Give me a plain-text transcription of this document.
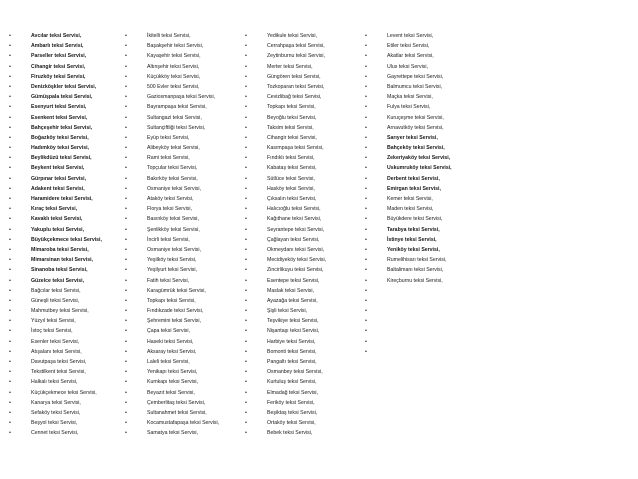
•	Avcılar teksi Servisi,
•	Ambarlı teksi Servisi,
•	Parseller teksi Servisi,
•	Cihangir teksi Servisi,
•	Firuzköy teksi Servisi,
•	Denizköşkler teksi Servisi,
•	Gümüşpala teksi Servisi,
•	Esenyurt teksi Servisi,
•	Esenkent teksi Servisi,
•	Bahçeşehir teksi Servisi,
•	Boğazköy teksi Servisi,
•	Hadımköy teksi Servisi,
•	Beylikdüzü teksi Servisi,
•	Beykent teksi Servisi,
•	Gürpınar teksi Servisi,
•	Adakent teksi Servisi,
•	Haramidere teksi Servisi,
•	Kıraç teksi Servisi,
•	Kavaklı teksi Servisi,
•	Yakuplu teksi Servisi,
•	Büyükçekmece teksi Servisi,
•	Mimaroba teksi Servisi,
•	Mimarsinan teksi Servisi,
•	Sinanoba teksi Servisi,
•	Güzelce teksi Servisi,
•	Bağcılar teksi Servisi,
•	Güneşli teksi Servisi,
•	Mahmutbey teksi Servisi,
•	Yüzyıl teksi Servisi,
•	İstoç teksi Servisi,
•	Esenler teksi Servisi,
•	Atışalanı teksi Servisi,
•	Davutpaşa teksi Servisi,
•	Tekstilkent teksi Servisi,
•	Halkalı teksi Servisi,
•	Küçükçekmece teksi Servisi,
•	Kanarya teksi Servisi,
•	Sefaköy teksi Servisi,
•	Beşyol teksi Servisi,
•	Cennet teksi Servisi,
•	İkitelli teksi Servisi,
•	Başakşehir teksi Servisi,
•	Kayaşehir teksi Servisi,
•	Altınşehir teksi Servisi,
•	Küçükköy teksi Servisi,
•	500 Evler teksi Servisi,
•	Gaziosmanpaşa teksi Servisi,
•	Bayrampaşa teksi Servisi,
•	Sultangazi teksi Servisi,
•	Sultançiftliği teksi Servisi,
•	Eyüp teksi Servisi,
•	Alibeyköy teksi Servisi,
•	Rami teksi Servisi,
•	Topçular teksi Servisi,
•	Bakırköy teksi Servisi,
•	Osmaniye teksi Servisi,
•	Ataköy teksi Servisi,
•	Florya teksi Servisi,
•	Basınköy teksi Servisi,
•	Şenlikköy teksi Servisi,
•	İncirli teksi Servisi,
•	Osmaniye teksi Servisi,
•	Yeşilköy teksi Servisi,
•	Yeşilyurt teksi Servisi,
•	Fatih teksi Servisi,
•	Karagümrük teksi Servisi,
•	Topkapı teksi Servisi,
•	Fındıkzade teksi Servisi,
•	Şehremini teksi Servisi,
•	Çapa teksi Servisi,
•	Haseki teksi Servisi,
•	Aksaray teksi Servisi,
•	Laleli teksi Servisi,
•	Yenikapı teksi Servisi,
•	Kumkapı teksi Servisi,
•	Beyazıt teksi Servisi,
•	Çemberlitaş teksi Servisi,
•	Sultanahmet teksi Servisi,
•	Kocamustafapaşa teksi Servisi,
•	Samatya teksi Servisi,
•	Yedikule teksi Servisi,
•	Cerrahpaşa teksi Servisi,
•	Zeytinburnu teksi Servisi,
•	Merter teksi Servisi,
•	Güngören teksi Servisi,
•	Tozkoparan teksi Servisi,
•	Cevizlibağ teksi Servisi,
•	Topkapı teksi Servisi,
•	Beyoğlu teksi Servisi,
•	Taksim teksi Servisi,
•	Cihangir teksi Servisi,
•	Kasımpaşa teksi Servisi,
•	Fındıklı teksi Servisi,
•	Kabataş teksi Servisi,
•	Sütlüce teksi Servisi,
•	Hasköy teksi Servisi,
•	Çıksalın teksi Servisi,
•	Halıcıoğlu teksi Servisi,
•	Kağıthane teksi Servisi,
•	Seyrantepe teksi Servisi,
•	Çağlayan teksi Servisi,
•	Okmeydanı teksi Servisi,
•	Mecidiyeköy teksi Servisi,
•	Zincirlikuyu teksi Servisi,
•	Esentepe teksi Servisi,
•	Maslak teksi Servisi,
•	Ayazağa teksi Servisi,
•	Şişli teksi Servisi,
•	Teşvikiye teksi Servisi,
•	Nişantaşı teksi Servisi,
•	Harbiye teksi Servisi,
•	Bomonti teksi Servisi,
•	Pangaltı teksi Servisi,
•	Osmanbey teksi Servisi,
•	Kurtuluş teksi Servisi,
•	Elmadağ teksi Servisi,
•	Feriköy teksi Servisi,
•	Beşiktaş teksi Servisi,
•	Ortaköy teksi Servisi,
•	Bebek teksi Servisi,
•	Levent teksi Servisi,
•	Etiler teksi Servisi,
•	Akatlar teksi Servisi,
•	Ulus teksi Servisi,
•	Gayrettepe teksi Servisi,
•	Balmumcu teksi Servisi,
•	Maçka teksi Servisi,
•	Fulya teksi Servisi,
•	Kuruçeşme teksi Servisi,
•	Arnavutköy teksi Servisi,
•	Sarıyer teksi Servisi,
•	Bahçeköy teksi Servisi,
•	Zekeriyaköy teksi Servisi,
•	Uskumruköy teksi Servisi,
•	Derbent teksi Servisi,
•	Emirgan teksi Servisi,
•	Kemer teksi Servisi,
•	Maden teksi Servisi,
•	Büyükdere teksi Servisi,
•	Tarabya teksi Servisi,
•	İstinye teksi Servisi,
•	Yeniköy teksi Servisi,
•	Rumelihisarı teksi Servisi,
•	Baltalimanı teksi Servisi,
•	Kireçburnu teksi Servisi,
•
•
•
•
•
•
•
